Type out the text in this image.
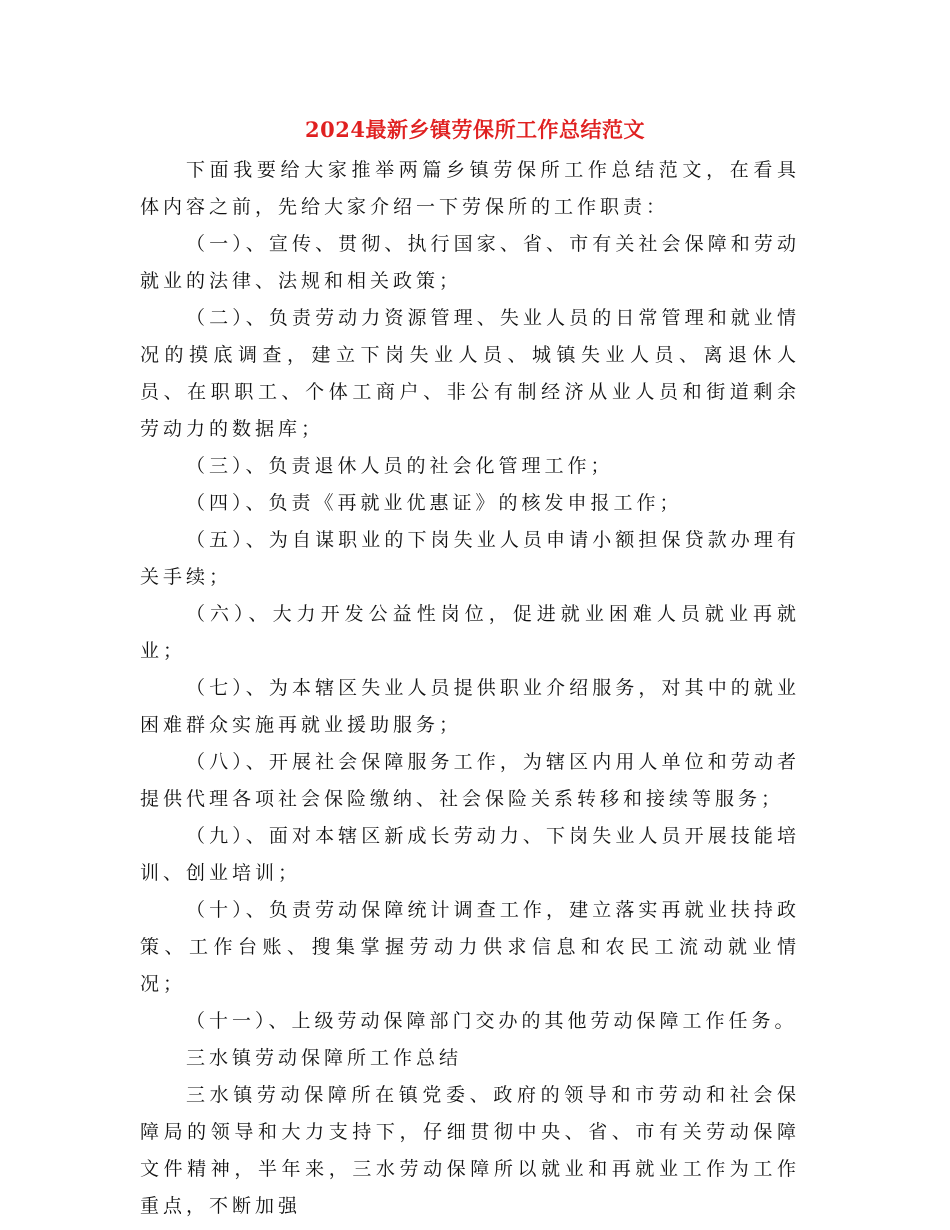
2024最新乡镇劳保所工作总结范文

下面我要给大家推举两篇乡镇劳保所工作总结范文，在看具体内容之前，先给大家介绍一下劳保所的工作职责：

（一）、宣传、贯彻、执行国家、省、市有关社会保障和劳动就业的法律、法规和相关政策；

（二）、负责劳动力资源管理、失业人员的日常管理和就业情况的摸底调查，建立下岗失业人员、城镇失业人员、离退休人员、在职职工、个体工商户、非公有制经济从业人员和街道剩余劳动力的数据库；

（三）、负责退休人员的社会化管理工作；

（四）、负责《再就业优惠证》的核发申报工作；

（五）、为自谋职业的下岗失业人员申请小额担保贷款办理有关手续；

（六）、大力开发公益性岗位，促进就业困难人员就业再就业；

（七）、为本辖区失业人员提供职业介绍服务，对其中的就业困难群众实施再就业援助服务；

（八）、开展社会保障服务工作，为辖区内用人单位和劳动者提供代理各项社会保险缴纳、社会保险关系转移和接续等服务；

（九）、面对本辖区新成长劳动力、下岗失业人员开展技能培训、创业培训；

（十）、负责劳动保障统计调查工作，建立落实再就业扶持政策、工作台账、搜集掌握劳动力供求信息和农民工流动就业情况；

（十一）、上级劳动保障部门交办的其他劳动保障工作任务。

三水镇劳动保障所工作总结

三水镇劳动保障所在镇党委、政府的领导和市劳动和社会保障局的领导和大力支持下，仔细贯彻中央、省、市有关劳动保障文件精神，半年来，三水劳动保障所以就业和再就业工作为工作重点，不断加强
